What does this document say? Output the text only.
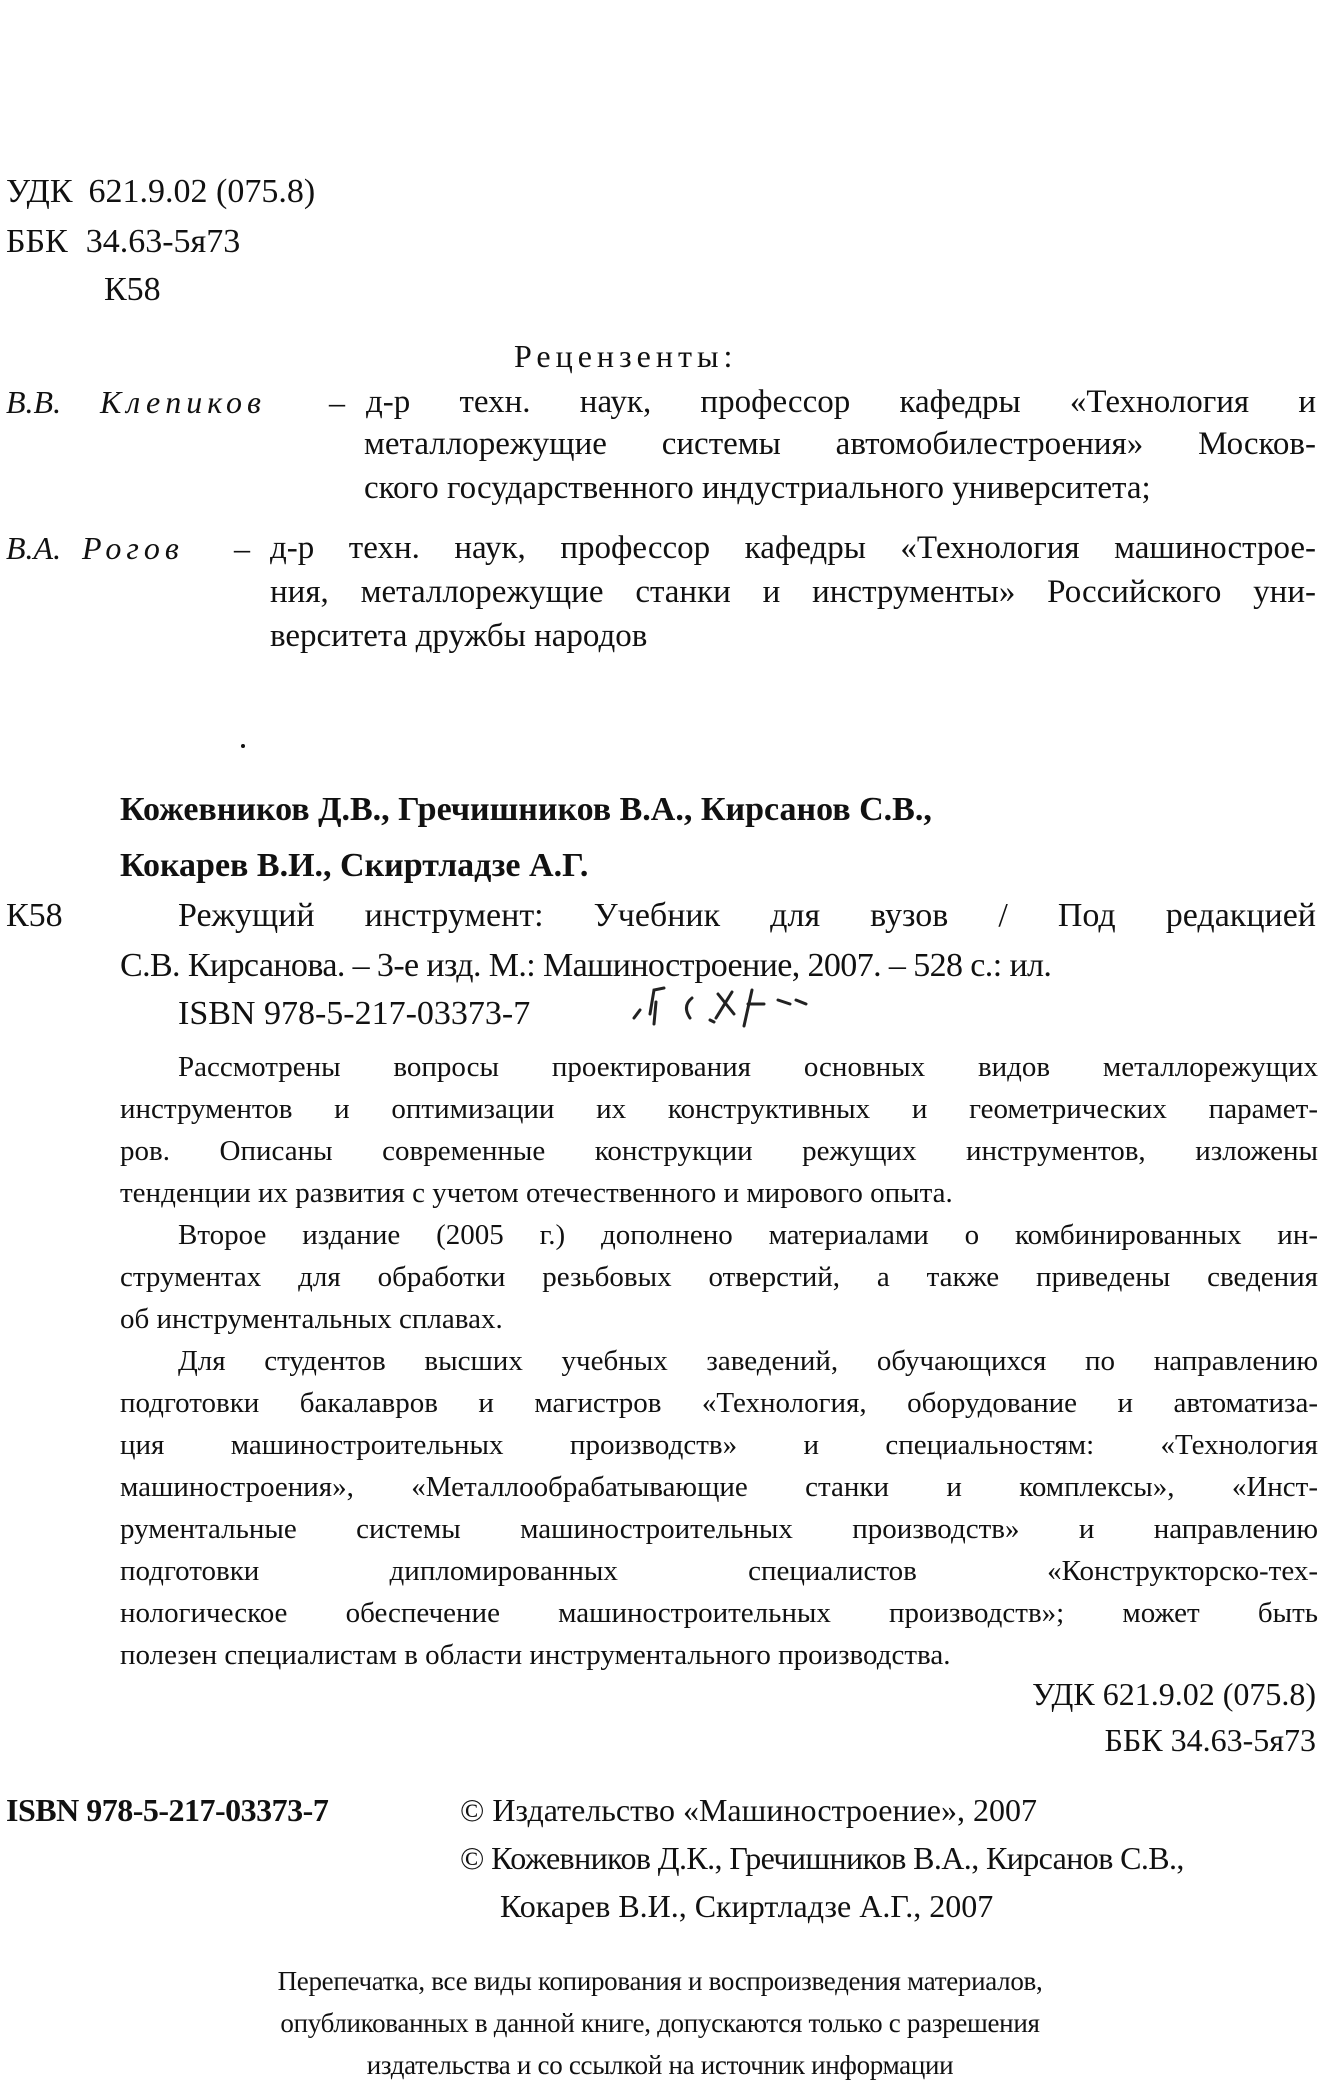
УДК 621.9.02 (075.8)
ББК 34.63-5я73
К58
Рецензенты:
В.В. Клепиков – д-р техн. наук, профессор кафедры «Технология и
металлорежущие системы автомобилестроения» Москов-
ского государственного индустриального университета;
В.А. Рогов – д-р техн. наук, профессор кафедры «Технология машинострое-
ния, металлорежущие станки и инструменты» Российского уни-
верситета дружбы народов
Кожевников Д.В., Гречишников В.А., Кирсанов С.В.,
Кокарев В.И., Скиртладзе А.Г.
К58	Режущий инструмент: Учебник для вузов / Под редакцией
С.В. Кирсанова. – 3-е изд. М.: Машиностроение, 2007. – 528 с.: ил.
ISBN 978-5-217-03373-7
Рассмотрены вопросы проектирования основных видов металлорежущих
инструментов и оптимизации их конструктивных и геометрических парамет-
ров. Описаны современные конструкции режущих инструментов, изложены
тенденции их развития с учетом отечественного и мирового опыта.
Второе издание (2005 г.) дополнено материалами о комбинированных ин-
струментах для обработки резьбовых отверстий, а также приведены сведения
об инструментальных сплавах.
Для студентов высших учебных заведений, обучающихся по направлению
подготовки бакалавров и магистров «Технология, оборудование и автоматиза-
ция машиностроительных производств» и специальностям: «Технология
машиностроения», «Металлообрабатывающие станки и комплексы», «Инст-
рументальные системы машиностроительных производств» и направлению
подготовки дипломированных специалистов «Конструкторско-тех-
нологическое обеспечение машиностроительных производств»; может быть
полезен специалистам в области инструментального производства.
УДК 621.9.02 (075.8)
ББК 34.63-5я73
ISBN 978-5-217-03373-7	© Издательство «Машиностроение», 2007
© Кожевников Д.К., Гречишников В.А., Кирсанов С.В.,
Кокарев В.И., Скиртладзе А.Г., 2007
Перепечатка, все виды копирования и воспроизведения материалов,
опубликованных в данной книге, допускаются только с разрешения
издательства и со ссылкой на источник информации
